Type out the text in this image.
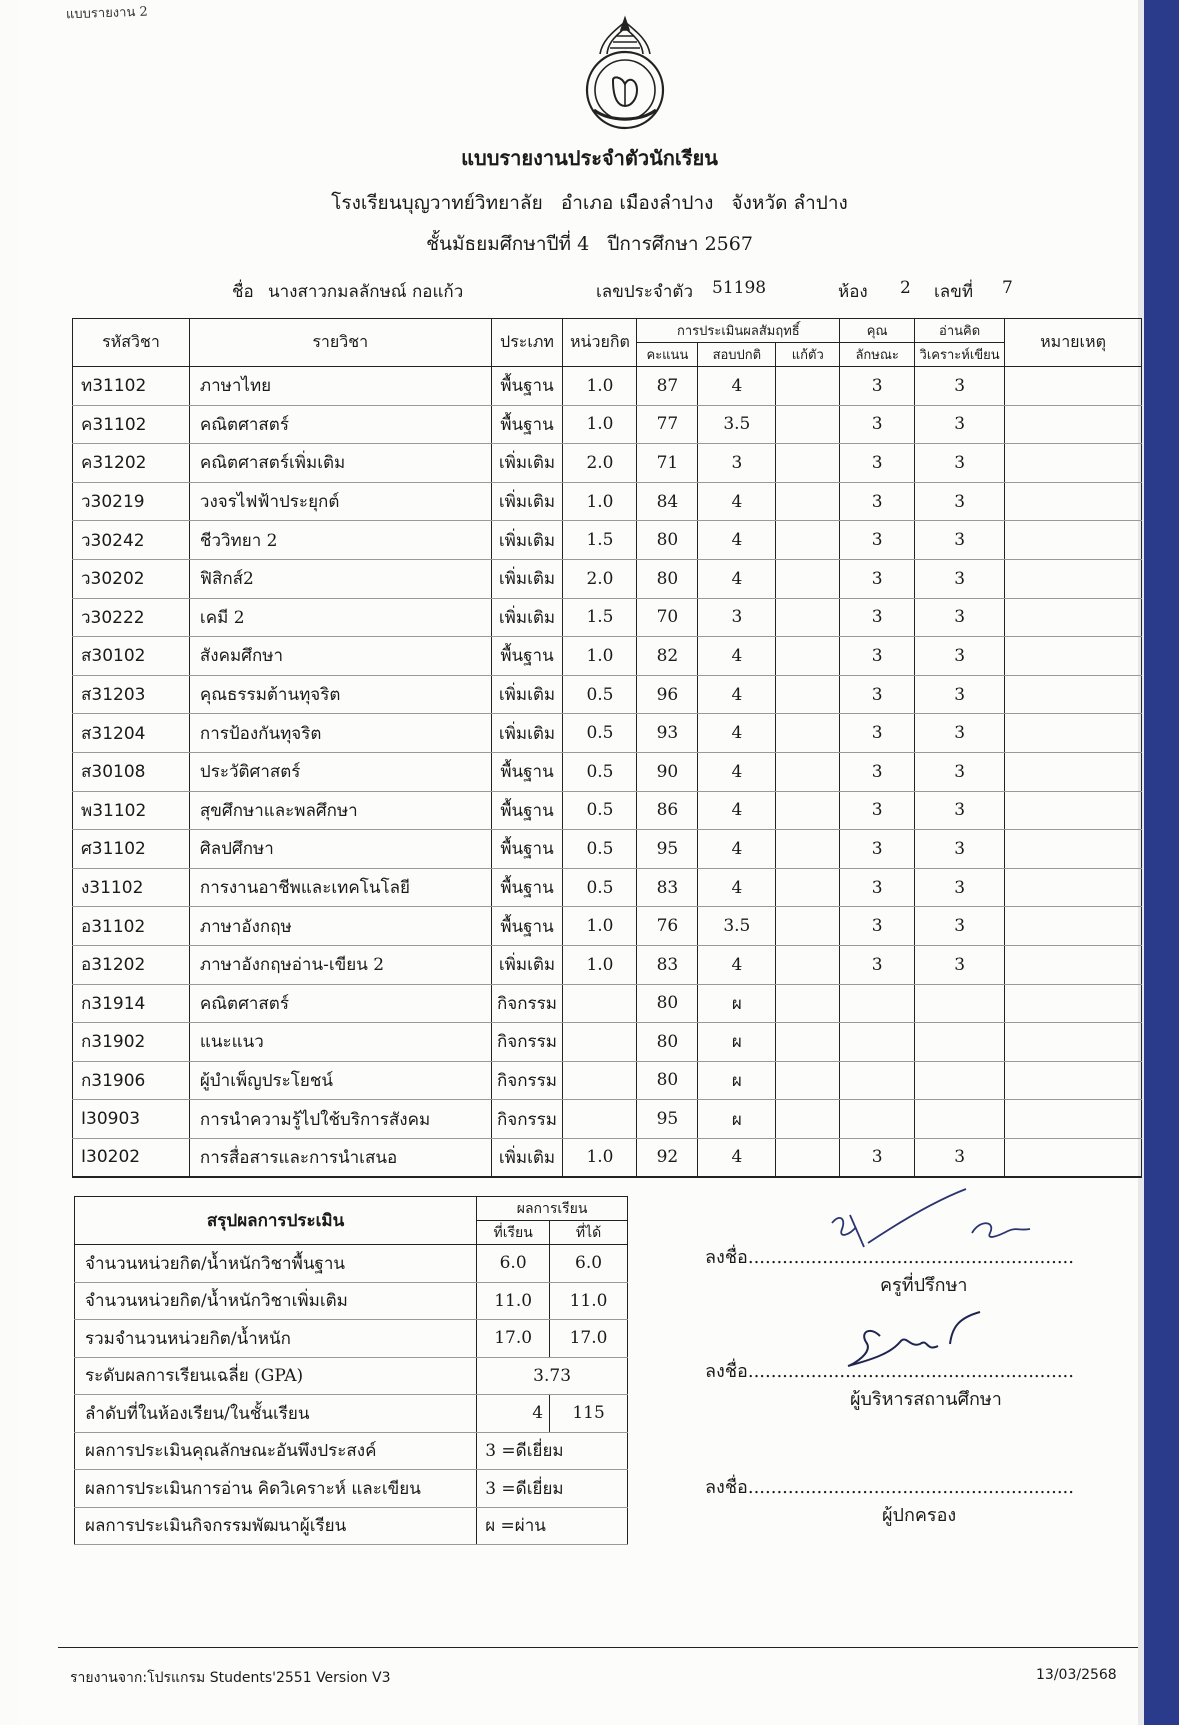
แบบรายงาน 2
แบบรายงานประจำตัวนักเรียน
โรงเรียนบุญวาทย์วิทยาลัย   อำเภอ เมืองลำปาง   จังหวัด ลำปาง
ชั้นมัธยมศึกษาปีที่ 4   ปีการศึกษา 2567
ชื่อ นางสาวกมลลักษณ์ กอแก้ว	เลขประจำตัว 51198	ห้อง 2 เลขที่ 7
รหัสวิชา	รายวิชา	ประเภท	หน่วยกิต	การประเมินผลสัมฤทธิ์			คุณ	อ่านคิด	หมายเหตุ
				คะแนน	สอบปกติ	แก้ตัว	ลักษณะ	วิเคราะห์เขียน	
ท31102	ภาษาไทย	พื้นฐาน	1.0	87	4		3	3	
ค31102	คณิตศาสตร์	พื้นฐาน	1.0	77	3.5		3	3	
ค31202	คณิตศาสตร์เพิ่มเติม	เพิ่มเติม	2.0	71	3		3	3	
ว30219	วงจรไฟฟ้าประยุกต์	เพิ่มเติม	1.0	84	4		3	3	
ว30242	ชีววิทยา 2	เพิ่มเติม	1.5	80	4		3	3	
ว30202	ฟิสิกส์2	เพิ่มเติม	2.0	80	4		3	3	
ว30222	เคมี 2	เพิ่มเติม	1.5	70	3		3	3	
ส30102	สังคมศึกษา	พื้นฐาน	1.0	82	4		3	3	
ส31203	คุณธรรมต้านทุจริต	เพิ่มเติม	0.5	96	4		3	3	
ส31204	การป้องกันทุจริต	เพิ่มเติม	0.5	93	4		3	3	
ส30108	ประวัติศาสตร์	พื้นฐาน	0.5	90	4		3	3	
พ31102	สุขศึกษาและพลศึกษา	พื้นฐาน	0.5	86	4		3	3	
ศ31102	ศิลปศึกษา	พื้นฐาน	0.5	95	4		3	3	
ง31102	การงานอาชีพและเทคโนโลยี	พื้นฐาน	0.5	83	4		3	3	
อ31102	ภาษาอังกฤษ	พื้นฐาน	1.0	76	3.5		3	3	
อ31202	ภาษาอังกฤษอ่าน-เขียน 2	เพิ่มเติม	1.0	83	4		3	3	
ก31914	คณิตศาสตร์	กิจกรรม		80	ผ				
ก31902	แนะแนว	กิจกรรม		80	ผ				
ก31906	ผู้บำเพ็ญประโยชน์	กิจกรรม		80	ผ				
I30903	การนำความรู้ไปใช้บริการสังคม	กิจกรรม		95	ผ				
I30202	การสื่อสารและการนำเสนอ	เพิ่มเติม	1.0	92	4		3	3	
สรุปผลการประเมิน	ผลการเรียน	
	ที่เรียน	ที่ได้
จำนวนหน่วยกิต/น้ำหนักวิชาพื้นฐาน	6.0	6.0
จำนวนหน่วยกิต/น้ำหนักวิชาเพิ่มเติม	11.0	11.0
รวมจำนวนหน่วยกิต/น้ำหนัก	17.0	17.0
ระดับผลการเรียนเฉลี่ย (GPA)	3.73	
ลำดับที่ในห้องเรียน/ในชั้นเรียน	4	115
ผลการประเมินคุณลักษณะอันพึงประสงค์	3 =ดีเยี่ยม	
ผลการประเมินการอ่าน คิดวิเคราะห์ และเขียน	3 =ดีเยี่ยม	
ผลการประเมินกิจกรรมพัฒนาผู้เรียน	ผ =ผ่าน	
ลงชื่อ.........................................................
ครูที่ปรึกษา
ลงชื่อ.........................................................
ผู้บริหารสถานศึกษา
ลงชื่อ.........................................................
ผู้ปกครอง
รายงานจาก:โปรแกรม Students'2551 Version V3	13/03/2568
